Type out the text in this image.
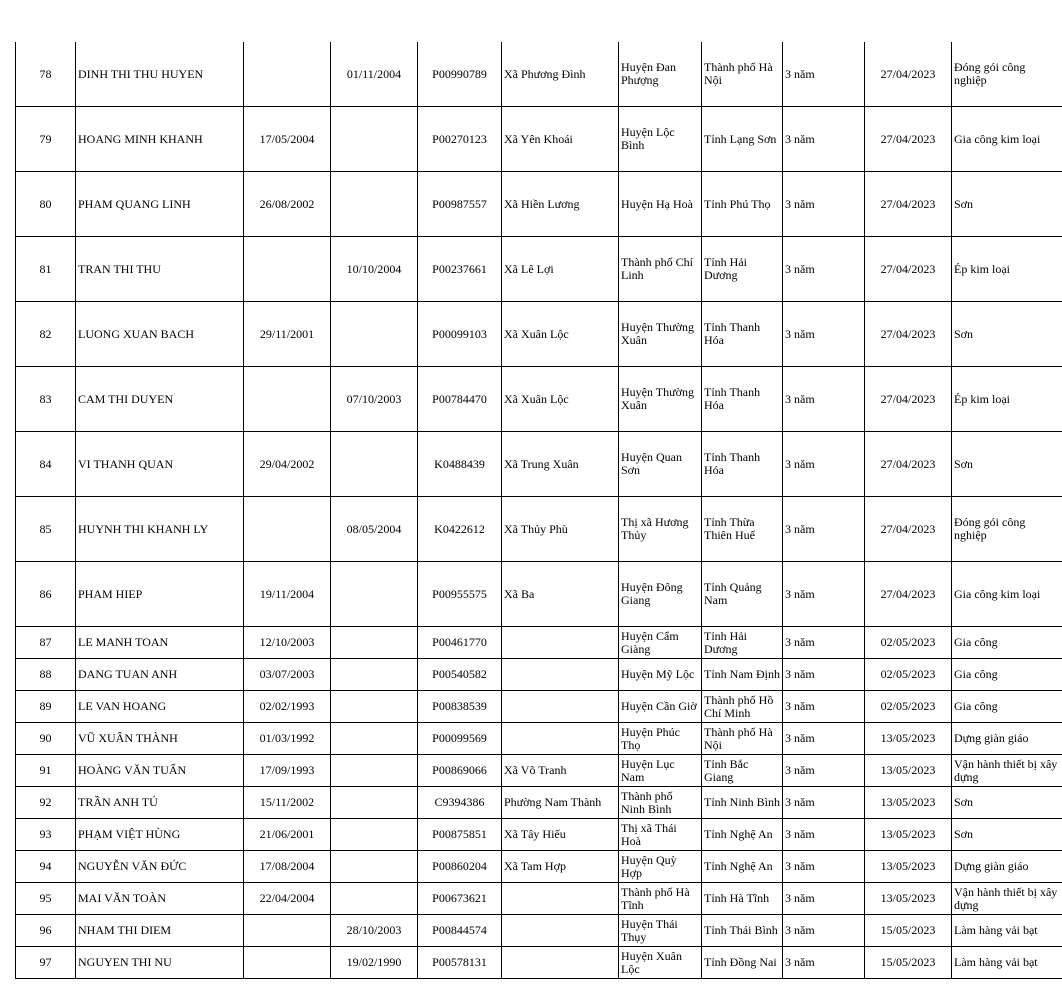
78	DINH THI THU HUYEN		01/11/2004	P00990789	Xã Phương Đình	Huyện Đan Phượng	Thành phố Hà Nội	3 năm	27/04/2023	Đóng gói công nghiệp
79	HOANG MINH KHANH	17/05/2004		P00270123	Xã Yên Khoái	Huyện Lộc Bình	Tỉnh Lạng Sơn	3 năm	27/04/2023	Gia công kim loại
80	PHAM QUANG LINH	26/08/2002		P00987557	Xã Hiền Lương	Huyện Hạ Hoà	Tỉnh Phú Thọ	3 năm	27/04/2023	Sơn
81	TRAN THI THU		10/10/2004	P00237661	Xã Lê Lợi	Thành phố Chí Linh	Tỉnh Hải Dương	3 năm	27/04/2023	Ép kim loại
82	LUONG XUAN BACH	29/11/2001		P00099103	Xã Xuân Lộc	Huyện Thường Xuân	Tỉnh Thanh Hóa	3 năm	27/04/2023	Sơn
83	CAM THI DUYEN		07/10/2003	P00784470	Xã Xuân Lộc	Huyện Thường Xuân	Tỉnh Thanh Hóa	3 năm	27/04/2023	Ép kim loại
84	VI THANH QUAN	29/04/2002		K0488439	Xã Trung Xuân	Huyện Quan Sơn	Tỉnh Thanh Hóa	3 năm	27/04/2023	Sơn
85	HUYNH THI KHANH LY		08/05/2004	K0422612	Xã Thủy Phù	Thị xã Hương Thủy	Tỉnh Thừa Thiên Huế	3 năm	27/04/2023	Đóng gói công nghiệp
86	PHAM HIEP	19/11/2004		P00955575	Xã Ba	Huyện Đông Giang	Tỉnh Quảng Nam	3 năm	27/04/2023	Gia công kim loại
87	LE MANH TOAN	12/10/2003		P00461770		Huyện Cẩm Giàng	Tỉnh Hải Dương	3 năm	02/05/2023	Gia công
88	DANG TUAN ANH	03/07/2003		P00540582		Huyện Mỹ Lộc	Tỉnh Nam Định	3 năm	02/05/2023	Gia công
89	LE VAN HOANG	02/02/1993		P00838539		Huyện Cần Giờ	Thành phố Hồ Chí Minh	3 năm	02/05/2023	Gia công
90	VŨ XUÂN THÀNH	01/03/1992		P00099569		Huyện Phúc Thọ	Thành phố Hà Nội	3 năm	13/05/2023	Dựng giàn giáo
91	HOÀNG VĂN TUẤN	17/09/1993		P00869066	Xã Võ Tranh	Huyện Lục Nam	Tỉnh Bắc Giang	3 năm	13/05/2023	Vận hành thiết bị xây dựng
92	TRẦN ANH TÚ	15/11/2002		C9394386	Phường Nam Thành	Thành phố Ninh Bình	Tỉnh Ninh Bình	3 năm	13/05/2023	Sơn
93	PHẠM VIỆT HÙNG	21/06/2001		P00875851	Xã Tây Hiếu	Thị xã Thái Hoà	Tỉnh Nghệ An	3 năm	13/05/2023	Sơn
94	NGUYỄN VĂN ĐỨC	17/08/2004		P00860204	Xã Tam Hợp	Huyện Quỳ Hợp	Tỉnh Nghệ An	3 năm	13/05/2023	Dựng giàn giáo
95	MAI VĂN TOÀN	22/04/2004		P00673621		Thành phố Hà Tĩnh	Tỉnh Hà Tĩnh	3 năm	13/05/2023	Vận hành thiết bị xây dựng
96	NHAM THI DIEM		28/10/2003	P00844574		Huyện Thái Thụy	Tỉnh Thái Bình	3 năm	15/05/2023	Làm hàng vải bạt
97	NGUYEN THI NU		19/02/1990	P00578131		Huyện Xuân Lộc	Tỉnh Đồng Nai	3 năm	15/05/2023	Làm hàng vải bạt
